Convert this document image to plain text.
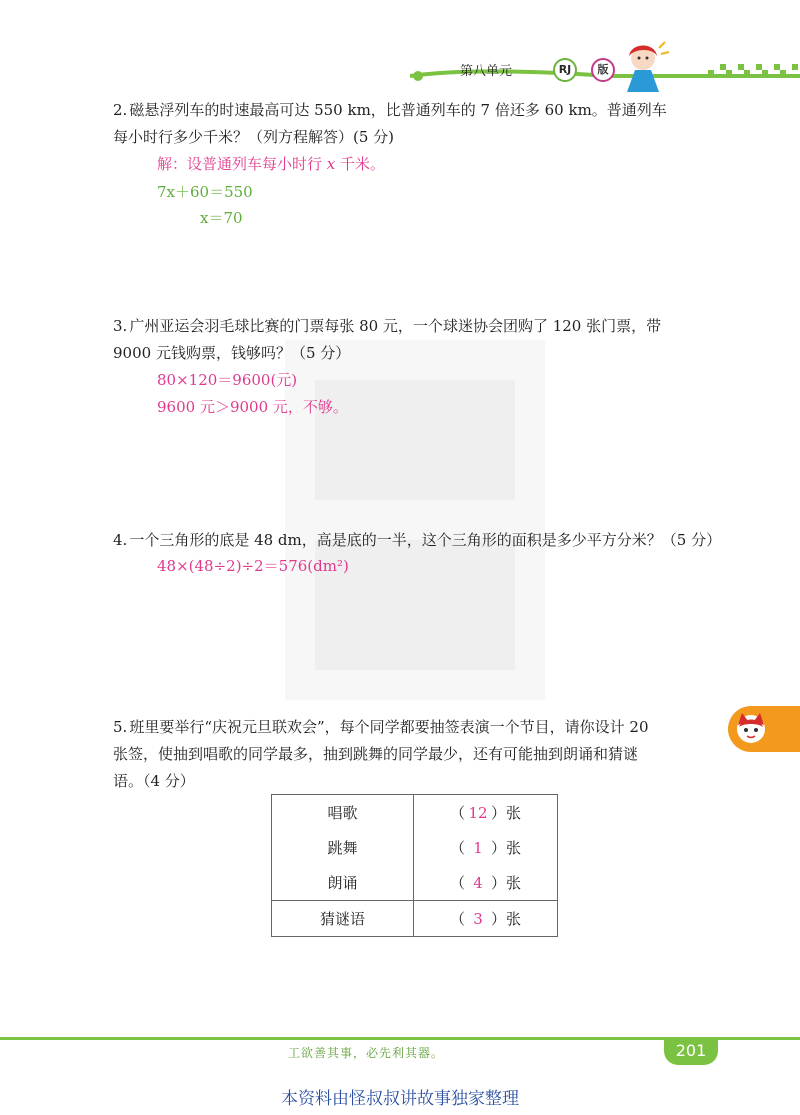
第八单元	RJ	版
2. 磁悬浮列车的时速最高可达 550 km，比普通列车的 7 倍还多 60 km。普通列车
每小时行多少千米？（列方程解答）(5 分)
解：设普通列车每小时行 x 千米。
7x＋60＝550
x＝70
3. 广州亚运会羽毛球比赛的门票每张 80 元，一个球迷协会团购了 120 张门票，带
9000 元钱购票，钱够吗？（5 分）
80×120＝9600(元)
9600 元＞9000 元，不够。
4. 一个三角形的底是 48 dm，高是底的一半，这个三角形的面积是多少平方分米？（5 分）
48×(48÷2)÷2＝576(dm²)
5. 班里要举行“庆祝元旦联欢会”，每个同学都要抽签表演一个节目，请你设计 20
张签，使抽到唱歌的同学最多，抽到跳舞的同学最少，还有可能抽到朗诵和猜谜
语。（4 分）
唱歌	（ 12 ）张
跳舞	（ 1 ）张
朗诵	（ 4 ）张
猜谜语	（ 3 ）张
工欲善其事，必先利其器。	201
本资料由怪叔叔讲故事独家整理
